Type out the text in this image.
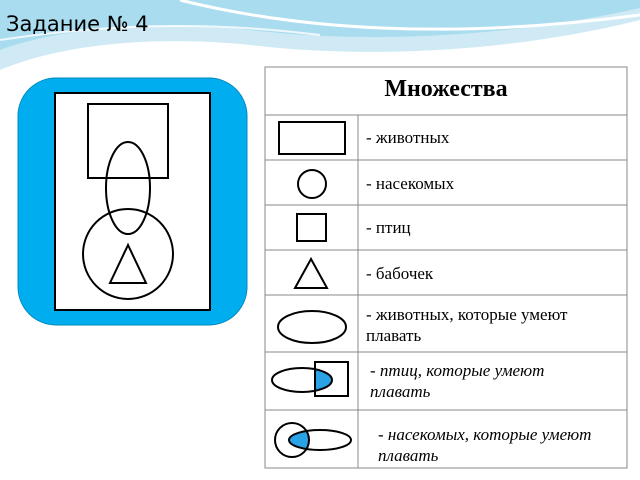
Задание № 4
Множества
- животных
- насекомых
- птиц
- бабочек
- животных, которые умеют плавать
- птиц, которые умеют плавать
- насекомых, которые умеют плавать
